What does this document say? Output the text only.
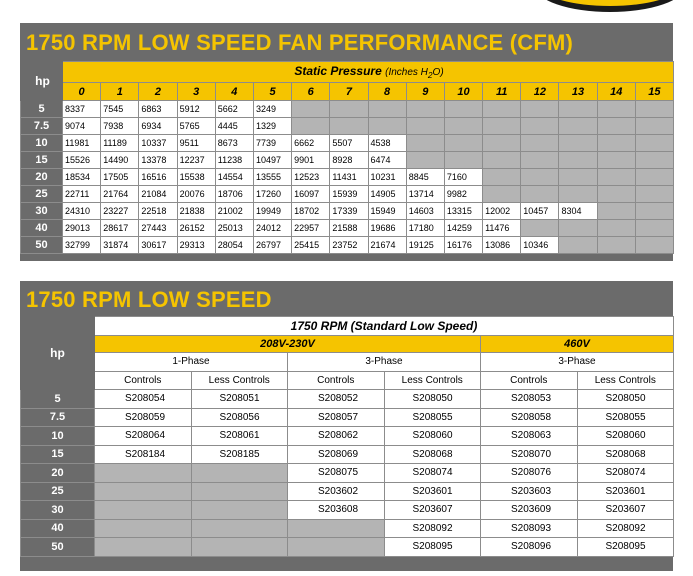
1750 RPM LOW SPEED FAN PERFORMANCE (CFM)
hp	Static Pressure (Inches $H_2O$)															
	0	1	2	3	4	5	6	7	8	9	10	11	12	13	14	15
5	8337	7545	6863	5912	5662	3249										
7.5	9074	7938	6934	5765	4445	1329										
10	11981	11189	10337	9511	8673	7739	6662	5507	4538							
15	15526	14490	13378	12237	11238	10497	9901	8928	6474							
20	18534	17505	16516	15538	14554	13555	12523	11431	10231	8845	7160					
25	22711	21764	21084	20076	18706	17260	16097	15939	14905	13714	9982					
30	24310	23227	22518	21838	21002	19949	18702	17339	15949	14603	13315	12002	10457	8304		
40	29013	28617	27443	26152	25013	24012	22957	21588	19686	17180	14259	11476				
50	32799	31874	30617	29313	28054	26797	25415	23752	21674	19125	16176	13086	10346			
1750 RPM LOW SPEED
hp	1750 RPM (Standard Low Speed)					
	208V-230V				460V	
	1-Phase		3-Phase		3-Phase	
	Controls	Less Controls	Controls	Less Controls	Controls	Less Controls
5	S208054	S208051	S208052	S208050	S208053	S208050
7.5	S208059	S208056	S208057	S208055	S208058	S208055
10	S208064	S208061	S208062	S208060	S208063	S208060
15	S208184	S208185	S208069	S208068	S208070	S208068
20			S208075	S208074	S208076	S208074
25			S203602	S203601	S203603	S203601
30			S203608	S203607	S203609	S203607
40				S208092	S208093	S208092
50				S208095	S208096	S208095
